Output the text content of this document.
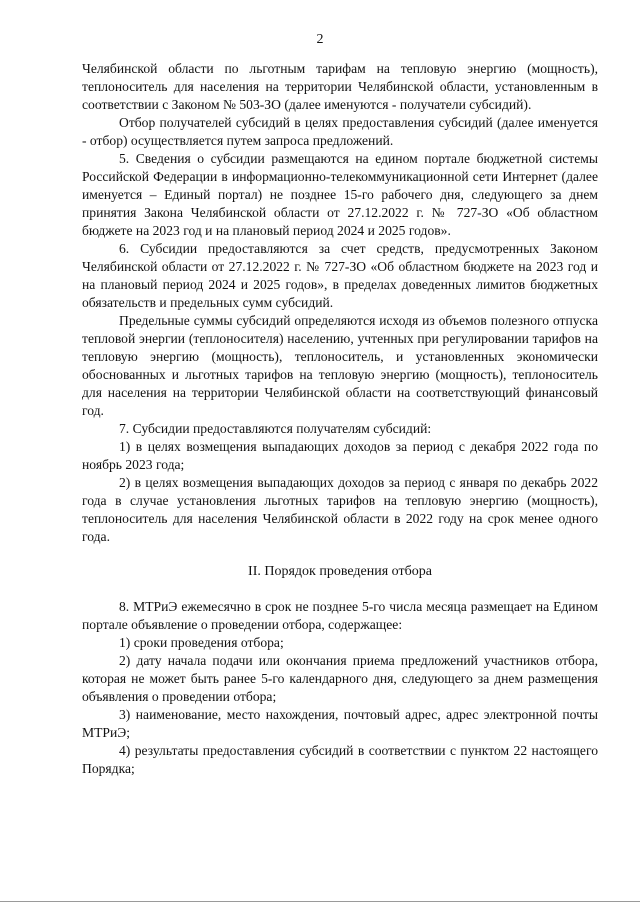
2

Челябинской области по льготным тарифам на тепловую энергию (мощность), теплоноситель для населения на территории Челябинской области, установленным в соответствии с Законом № 503-ЗО (далее именуются - получатели субсидий).

Отбор получателей субсидий в целях предоставления субсидий (далее именуется - отбор) осуществляется путем запроса предложений.

5. Сведения о субсидии размещаются на едином портале бюджетной системы Российской Федерации в информационно-телекоммуникационной сети Интернет (далее именуется – Единый портал) не позднее 15-го рабочего дня, следующего за днем принятия Закона Челябинской области от 27.12.2022 г. № 727-ЗО «Об областном бюджете на 2023 год и на плановый период 2024 и 2025 годов».

6. Субсидии предоставляются за счет средств, предусмотренных Законом Челябинской области от 27.12.2022 г. № 727-ЗО «Об областном бюджете на 2023 год и на плановый период 2024 и 2025 годов», в пределах доведенных лимитов бюджетных обязательств и предельных сумм субсидий.

Предельные суммы субсидий определяются исходя из объемов полезного отпуска тепловой энергии (теплоносителя) населению, учтенных при регулировании тарифов на тепловую энергию (мощность), теплоноситель, и установленных экономически обоснованных и льготных тарифов на тепловую энергию (мощность), теплоноситель для населения на территории Челябинской области на соответствующий финансовый год.

7. Субсидии предоставляются получателям субсидий:

1) в целях возмещения выпадающих доходов за период с декабря 2022 года по ноябрь 2023 года;

2) в целях возмещения выпадающих доходов за период с января по декабрь 2022 года в случае установления льготных тарифов на тепловую энергию (мощность), теплоноситель для населения Челябинской области в 2022 году на срок менее одного года.

II. Порядок проведения отбора

8. МТРиЭ ежемесячно в срок не позднее 5-го числа месяца размещает на Едином портале объявление о проведении отбора, содержащее:

1) сроки проведения отбора;

2) дату начала подачи или окончания приема предложений участников отбора, которая не может быть ранее 5-го календарного дня, следующего за днем размещения объявления о проведении отбора;

3) наименование, место нахождения, почтовый адрес, адрес электронной почты МТРиЭ;

4) результаты предоставления субсидий в соответствии с пунктом 22 настоящего Порядка;
